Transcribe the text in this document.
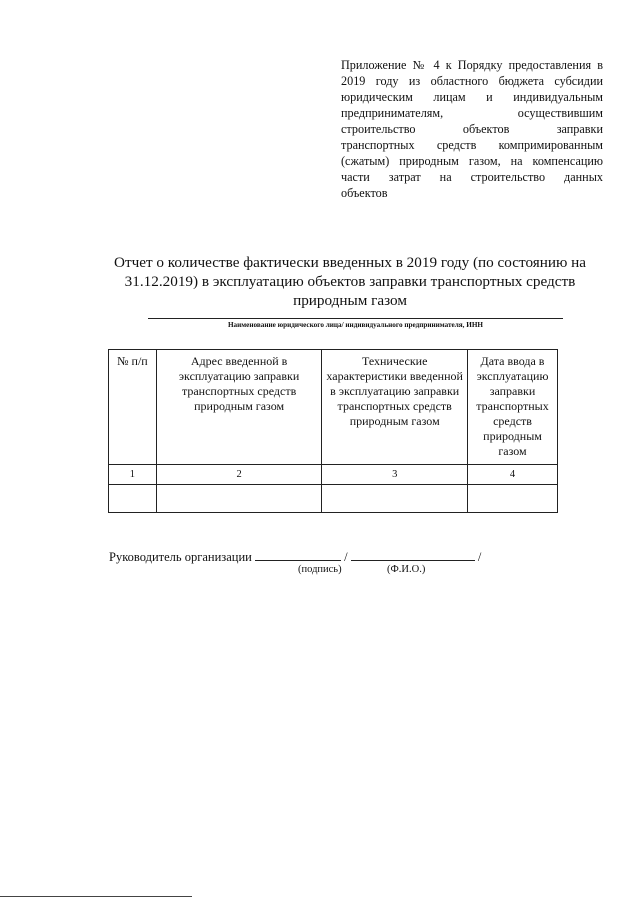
Приложение № 4 к Порядку предоставления в
2019 году из областного бюджета субсидии
юридическим лицам и индивидуальным
предпринимателям, осуществившим
строительство объектов заправки
транспортных средств компримированным
(сжатым) природным газом, на компенсацию
части затрат на строительство данных
объектов
Отчет о количестве фактически введенных в 2019 году (по состоянию на
31.12.2019) в эксплуатацию объектов заправки транспортных средств
природным газом
Наименование юридического лица/ индивидуального предпринимателя, ИНН
№ п/п	Адрес введенной в эксплуатацию заправки транспортных средств природным газом	Технические характеристики введенной в эксплуатацию заправки транспортных средств природным газом	Дата ввода в эксплуатацию заправки транспортных средств природным газом
1	2	3	4

Руководитель организации	/	/
(подпись)	(Ф.И.О.)
